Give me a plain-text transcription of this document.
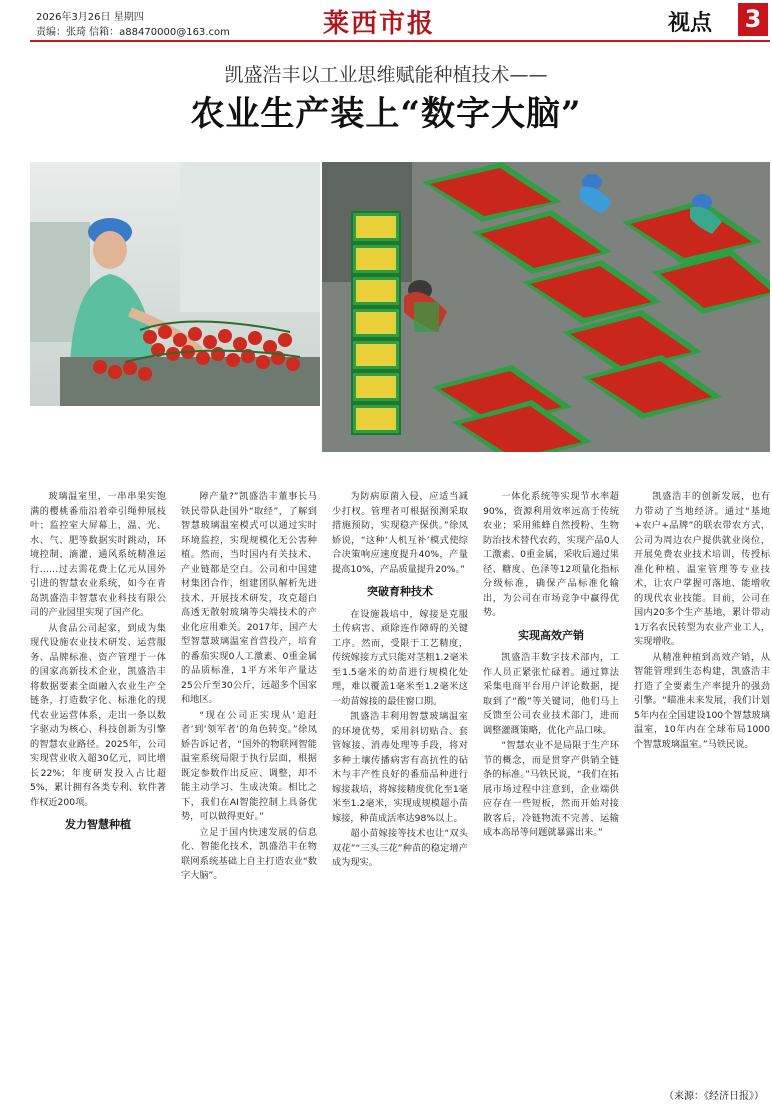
2026年3月26日 星期四
责编：张琦 信箱：a88470000@163.com	莱西市报	视点 3
凯盛浩丰以工业思维赋能种植技术——
农业生产装上“数字大脑”

玻璃温室里，一串串果实饱满的樱桃番茄沿着牵引绳伸展枝叶；监控室大屏幕上，温、光、水、气、肥等数据实时跳动，环境控制、滴灌、通风系统精准运行……过去需花费上亿元从国外引进的智慧农业系统，如今在青岛凯盛浩丰智慧农业科技有限公司的产业园里实现了国产化。

从食品公司起家，到成为集现代设施农业技术研发、运营服务、品牌标准、资产管理于一体的国家高新技术企业，凯盛浩丰将数据要素全面融入农业生产全链条，打造数字化、标准化的现代农业运营体系，走出一条以数字驱动为核心、科技创新为引擎的智慧农业路径。2025年，公司实现营业收入超30亿元，同比增长22%；年度研发投入占比超5%，累计拥有各类专利、软件著作权近200项。

发力智慧种植

障产量?”凯盛浩丰董事长马铁民带队赴国外“取经”，了解到智慧玻璃温室模式可以通过实时环境监控，实现规模化无公害种植。然而，当时国内有关技术、产业链都是空白。公司和中国建材集团合作，组建团队解析先进技术、开展技术研发，攻克超白高透无散射玻璃等尖端技术的产业化应用难关。2017年，国产大型智慧玻璃温室首营投产，培育的番茄实现0人工激素、0重金属的品质标准，1平方米年产量达25公斤至30公斤，远超多个国家和地区。

“现在公司正实现从‘追赶者’到‘领军者’的角色转变。”徐凤娇告诉记者，“国外的物联网智能温室系统局限于执行层面，根据既定参数作出反应、调整，却不能主动学习、生成决策。相比之下，我们在AI智能控制上具备优势，可以做得更好。”

立足于国内快速发展的信息化、智能化技术，凯盛浩丰在物联网系统基础上自主打造农业“数字大脑”。

为防病原菌入侵，应适当减少打杈。管理者可根据预测采取措施预防，实现稳产保供。”徐凤娇说，“这种‘人机互补’模式使综合决策响应速度提升40%，产量提高10%，产品质量提升20%。”

突破育种技术

在设施栽培中，嫁接是克服土传病害、顽除连作障碍的关键工序。然而，受限于工艺精度，传统嫁接方式只能对茎粗1.2毫米至1.5毫米的幼苗进行规模化处理，难以覆盖1毫米至1.2毫米这一幼苗嫁接的最佳窗口期。

凯盛浩丰利用智慧玻璃温室的环境优势，采用斜切贴合、套管嫁接、消毒处理等手段，将对多种土壤传播病害有高抗性的砧木与丰产性良好的番茄品种进行嫁接栽培，将嫁接精度优化至1毫米至1.2毫米，实现成规模超小苗嫁接，种苗成活率达98%以上。

超小苗嫁接等技术也让“双头双花”“三头三花”种苗的稳定增产成为现实。

一体化系统等实现节水率超90%，资源利用效率远高于传统农业；采用熊蜂自然授粉、生物防治技术替代农药，实现产品0人工激素、0重金属，采收后通过果径、糖度、色泽等12项量化指标分级标准，确保产品标准化输出，为公司在市场竞争中赢得优势。

实现高效产销

凯盛浩丰数字技术部内，工作人员正紧张忙碌着。通过算法采集电商平台用户评论数据，提取到了“酸”等关键词，他们马上反馈至公司农业技术部门，进而调整灌溉策略，优化产品口味。

“智慧农业不是局限于生产环节的概念，而是贯穿产供销全链条的标准。”马铁民说，“我们在拓展市场过程中注意到，企业端供应存在一些短板，然而开始对接散客后，冷链物流不完善、运输成本高昂等问题就暴露出来。”

凯盛浩丰的创新发展，也有力带动了当地经济。通过“基地+农户+品牌”的联农带农方式，公司为周边农户提供就业岗位，开展免费农业技术培训，传授标准化种植、温室管理等专业技术，让农户掌握可落地、能增收的现代农业技能。目前，公司在国内20多个生产基地，累计带动1万名农民转型为农业产业工人，实现增收。

从精准种植到高效产销，从智能管理到生态构建，凯盛浩丰打造了全要素生产率提升的强劲引擎。“瞄准未来发展，我们计划5年内在全国建设100个智慧玻璃温室，10年内在全球布局1000个智慧玻璃温室。”马铁民说。

（来源：《经济日报》）
